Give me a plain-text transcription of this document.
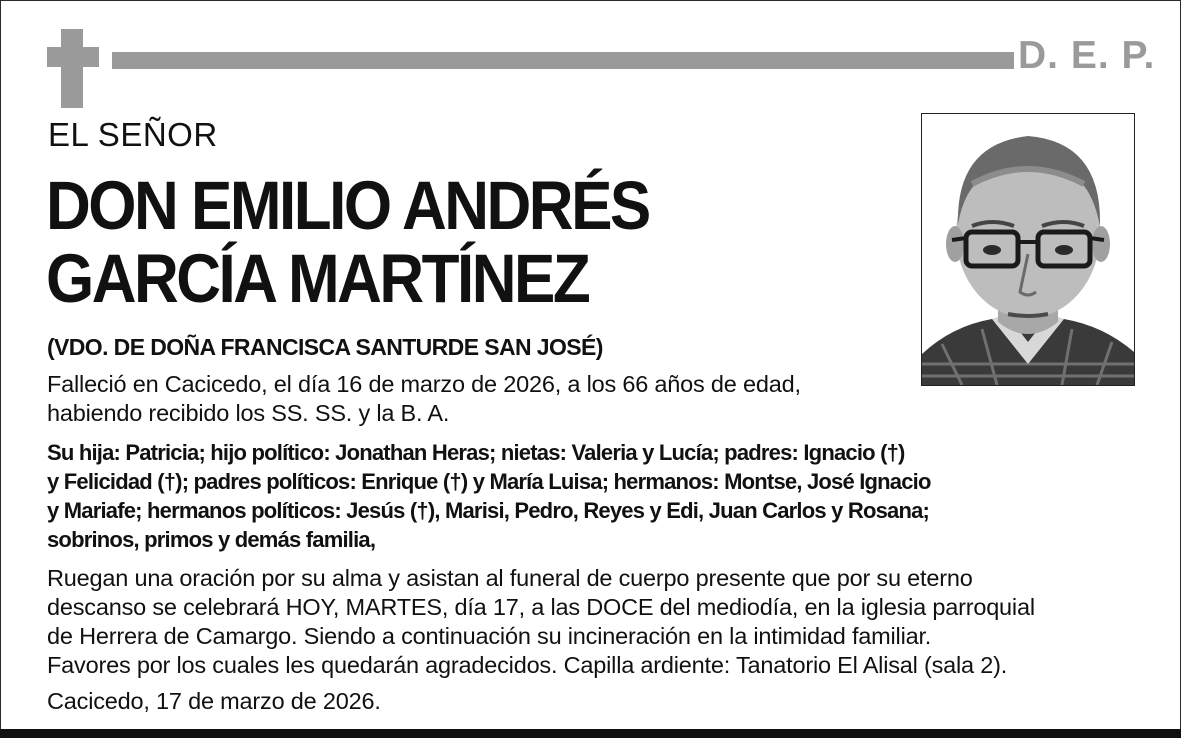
D. E. P.
EL SEÑOR
DON EMILIO ANDRÉS
GARCÍA MARTÍNEZ
(VDO. DE DOÑA FRANCISCA SANTURDE SAN JOSÉ)
Falleció en Cacicedo, el día 16 de marzo de 2026, a los 66 años de edad,
habiendo recibido los SS. SS. y la B. A.
Su hija: Patricia; hijo político: Jonathan Heras; nietas: Valeria y Lucía; padres: Ignacio (†)
y Felicidad (†); padres políticos: Enrique (†) y María Luisa; hermanos: Montse, José Ignacio
y Mariafe; hermanos políticos: Jesús (†), Marisi, Pedro, Reyes y Edi, Juan Carlos y Rosana;
sobrinos, primos y demás familia,
Ruegan una oración por su alma y asistan al funeral de cuerpo presente que por su eterno
descanso se celebrará HOY, MARTES, día 17, a las DOCE del mediodía, en la iglesia parroquial
de Herrera de Camargo. Siendo a continuación su incineración en la intimidad familiar.
Favores por los cuales les quedarán agradecidos. Capilla ardiente: Tanatorio El Alisal (sala 2).
Cacicedo, 17 de marzo de 2026.
